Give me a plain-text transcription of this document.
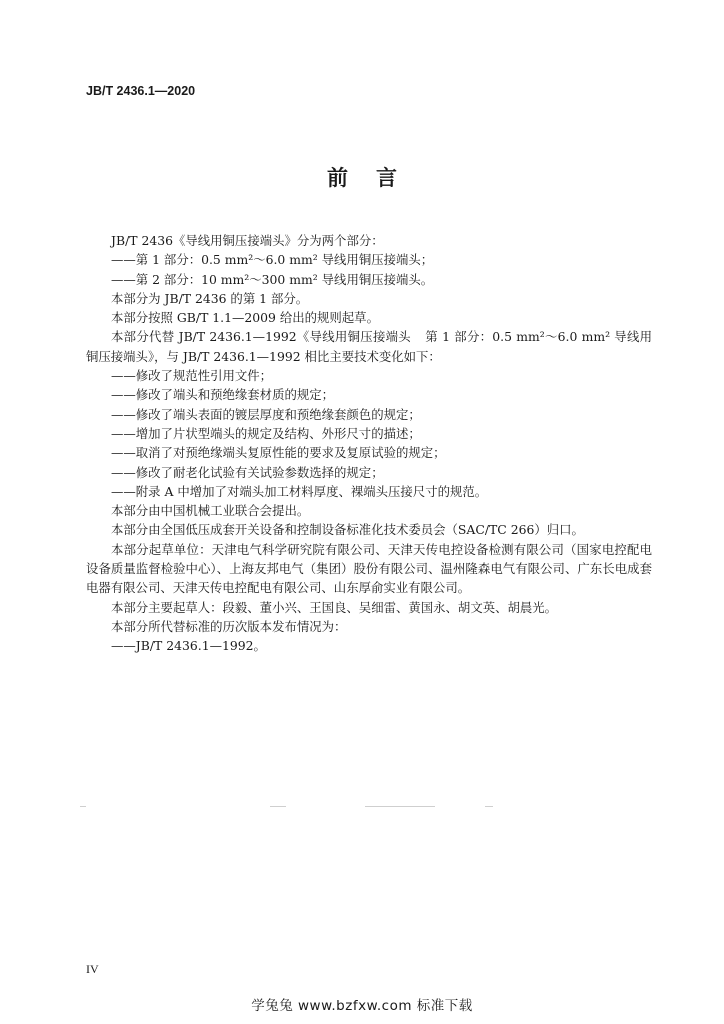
JB/T 2436.1—2020
前言
JB/T 2436《导线用铜压接端头》分为两个部分：
——第 1 部分：0.5 mm²～6.0 mm² 导线用铜压接端头；
——第 2 部分：10 mm²～300 mm² 导线用铜压接端头。
本部分为 JB/T 2436 的第 1 部分。
本部分按照 GB/T 1.1—2009 给出的规则起草。
本部分代替 JB/T 2436.1—1992《导线用铜压接端头 第 1 部分：0.5 mm²～6.0 mm² 导线用铜压接端头》，与 JB/T 2436.1—1992 相比主要技术变化如下：
——修改了规范性引用文件；
——修改了端头和预绝缘套材质的规定；
——修改了端头表面的镀层厚度和预绝缘套颜色的规定；
——增加了片状型端头的规定及结构、外形尺寸的描述；
——取消了对预绝缘端头复原性能的要求及复原试验的规定；
——修改了耐老化试验有关试验参数选择的规定；
——附录 A 中增加了对端头加工材料厚度、裸端头压接尺寸的规范。
本部分由中国机械工业联合会提出。
本部分由全国低压成套开关设备和控制设备标准化技术委员会（SAC/TC 266）归口。
本部分起草单位：天津电气科学研究院有限公司、天津天传电控设备检测有限公司（国家电控配电设备质量监督检验中心）、上海友邦电气（集团）股份有限公司、温州隆森电气有限公司、广东长电成套电器有限公司、天津天传电控配电有限公司、山东厚俞实业有限公司。
本部分主要起草人：段毅、董小兴、王国良、吴细雷、黄国永、胡文英、胡晨光。
本部分所代替标准的历次版本发布情况为：
——JB/T 2436.1—1992。
IV
学兔兔 www.bzfxw.com 标准下载
